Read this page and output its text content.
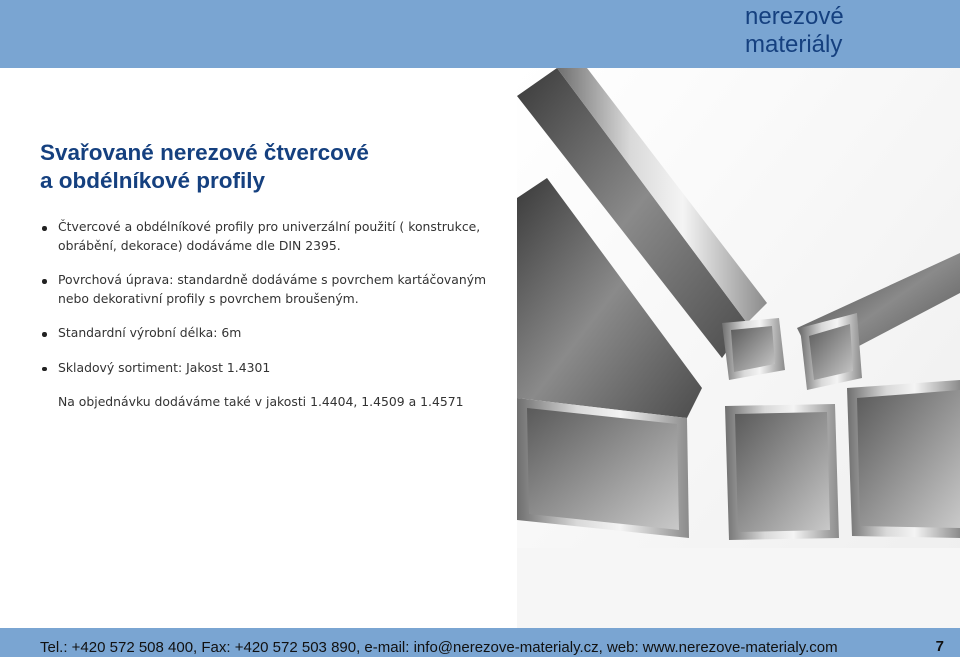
nerezové
materiály
Svařované nerezové čtvercové
a obdélníkové profily
Čtvercové a obdélníkové profily pro univerzální použití ( konstrukce, obrábění, dekorace) dodáváme dle DIN 2395.
Povrchová úprava: standardně dodáváme s povrchem kartáčovaným nebo dekorativní profily s povrchem broušeným.
Standardní výrobní délka: 6m
Skladový sortiment: Jakost 1.4301
Na objednávku dodáváme také v jakosti 1.4404, 1.4509 a 1.4571
Tel.: +420 572 508 400, Fax: +420 572 503 890, e-mail: info@nerezove-materialy.cz, web: www.nerezove-materialy.com	7
